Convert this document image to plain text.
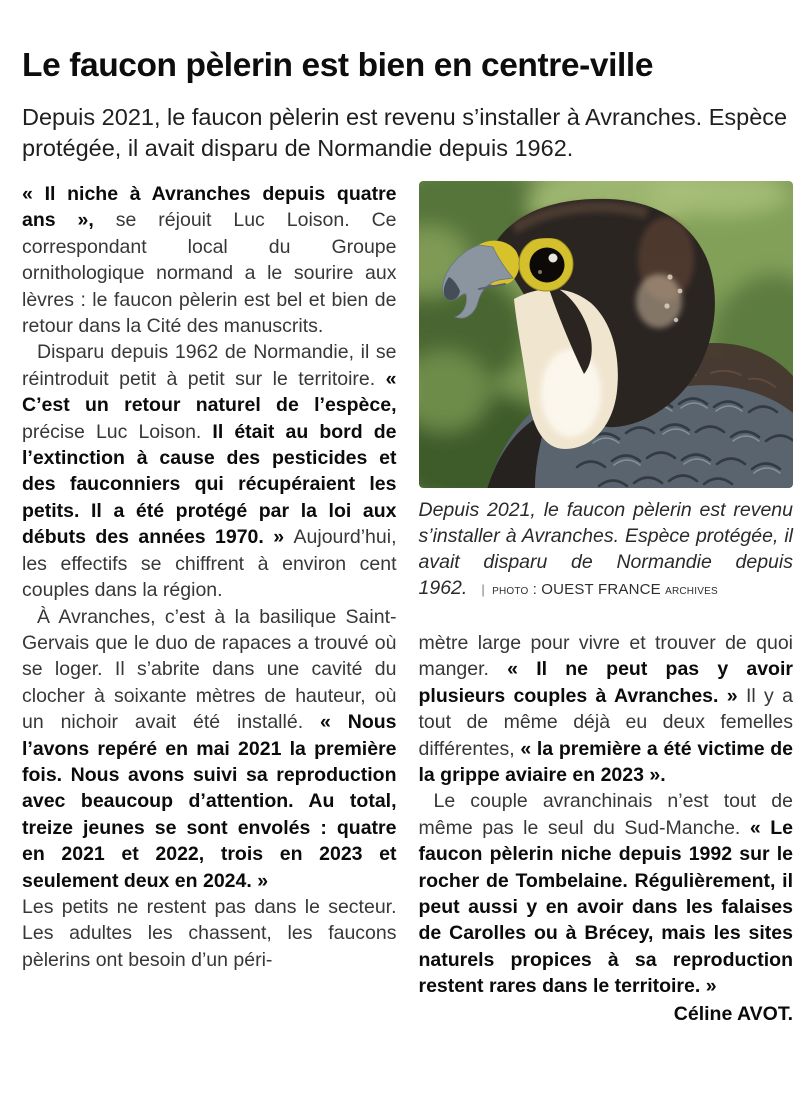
Le faucon pèlerin est bien en centre-ville

Depuis 2021, le faucon pèlerin est revenu s’installer à Avranches. Espèce protégée, il avait disparu de Normandie depuis 1962.

« Il niche à Avranches depuis quatre ans », se réjouit Luc Loison. Ce correspondant local du Groupe ornithologique normand a le sourire aux lèvres : le faucon pèlerin est bel et bien de retour dans la Cité des manuscrits.

Disparu depuis 1962 de Normandie, il se réintroduit petit à petit sur le territoire. « C’est un retour naturel de l’espèce, précise Luc Loison. Il était au bord de l’extinction à cause des pesticides et des fauconniers qui récupéraient les petits. Il a été protégé par la loi aux débuts des années 1970. » Aujourd’hui, les effectifs se chiffrent à environ cent couples dans la région.

À Avranches, c’est à la basilique Saint-Gervais que le duo de rapaces a trouvé où se loger. Il s’abrite dans une cavité du clocher à soixante mètres de hauteur, où un nichoir avait été installé. « Nous l’avons repéré en mai 2021 la première fois. Nous avons suivi sa reproduction avec beaucoup d’attention. Au total, treize jeunes se sont envolés : quatre en 2021 et 2022, trois en 2023 et seulement deux en 2024. »

Les petits ne restent pas dans le secteur. Les adultes les chassent, les faucons pèlerins ont besoin d’un péri-

Depuis 2021, le faucon pèlerin est revenu s’installer à Avranches. Espèce protégée, il avait disparu de Normandie depuis 1962. | photo : OUEST FRANCE archives

mètre large pour vivre et trouver de quoi manger. « Il ne peut pas y avoir plusieurs couples à Avranches. » Il y a tout de même déjà eu deux femelles différentes, « la première a été victime de la grippe aviaire en 2023 ».

Le couple avranchinais n’est tout de même pas le seul du Sud-Manche. « Le faucon pèlerin niche depuis 1992 sur le rocher de Tombelaine. Régulièrement, il peut aussi y en avoir dans les falaises de Carolles ou à Brécey, mais les sites naturels propices à sa reproduction restent rares dans le territoire. »

Céline AVOT.
